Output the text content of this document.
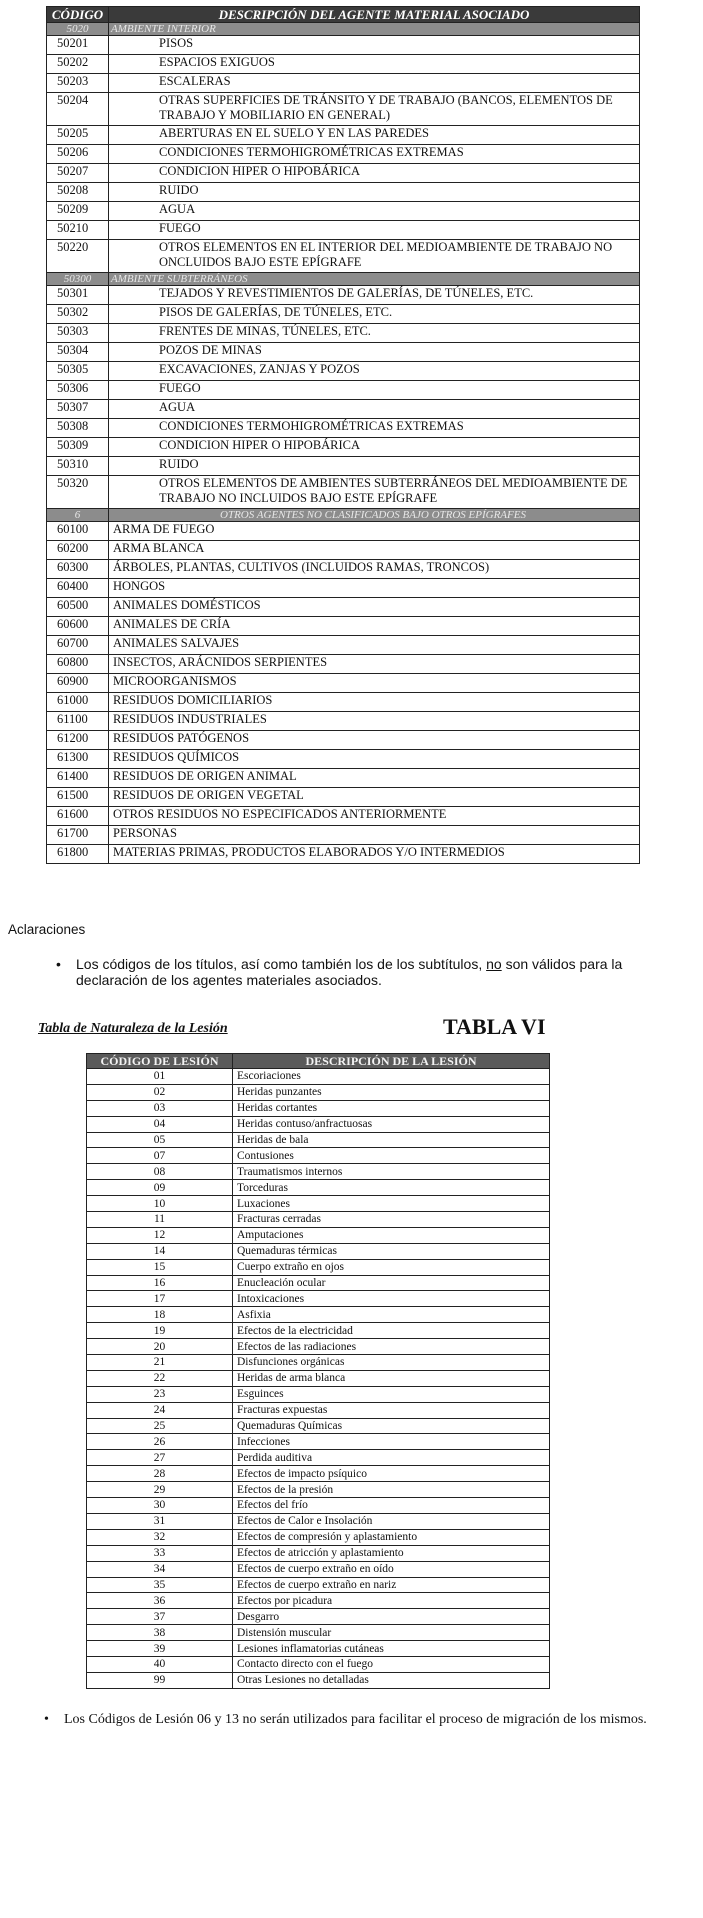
CÓDIGO	DESCRIPCIÓN DEL AGENTE MATERIAL ASOCIADO
5020	AMBIENTE INTERIOR
50201	PISOS
50202	ESPACIOS EXIGUOS
50203	ESCALERAS
50204	OTRAS SUPERFICIES DE TRÁNSITO Y DE TRABAJO (BANCOS, ELEMENTOS DE TRABAJO Y MOBILIARIO EN GENERAL)
50205	ABERTURAS EN EL SUELO Y EN LAS PAREDES
50206	CONDICIONES TERMOHIGROMÉTRICAS EXTREMAS
50207	CONDICION HIPER O HIPOBÁRICA
50208	RUIDO
50209	AGUA
50210	FUEGO
50220	OTROS ELEMENTOS EN EL INTERIOR DEL MEDIOAMBIENTE DE TRABAJO NO ONCLUIDOS BAJO ESTE EPÍGRAFE
50300	AMBIENTE SUBTERRÁNEOS
50301	TEJADOS Y REVESTIMIENTOS DE GALERÍAS, DE TÚNELES, ETC.
50302	PISOS DE GALERÍAS, DE TÚNELES, ETC.
50303	FRENTES DE MINAS, TÚNELES, ETC.
50304	POZOS DE MINAS
50305	EXCAVACIONES, ZANJAS Y POZOS
50306	FUEGO
50307	AGUA
50308	CONDICIONES TERMOHIGROMÉTRICAS EXTREMAS
50309	CONDICION HIPER O HIPOBÁRICA
50310	RUIDO
50320	OTROS ELEMENTOS DE AMBIENTES SUBTERRÁNEOS DEL MEDIOAMBIENTE DE TRABAJO NO INCLUIDOS BAJO ESTE EPÍGRAFE
6	OTROS AGENTES NO CLASIFICADOS BAJO OTROS EPÍGRAFES
60100	ARMA DE FUEGO
60200	ARMA BLANCA
60300	ÁRBOLES, PLANTAS, CULTIVOS (INCLUIDOS RAMAS, TRONCOS)
60400	HONGOS
60500	ANIMALES DOMÉSTICOS
60600	ANIMALES DE CRÍA
60700	ANIMALES SALVAJES
60800	INSECTOS, ARÁCNIDOS SERPIENTES
60900	MICROORGANISMOS
61000	RESIDUOS DOMICILIARIOS
61100	RESIDUOS INDUSTRIALES
61200	RESIDUOS PATÓGENOS
61300	RESIDUOS QUÍMICOS
61400	RESIDUOS DE ORIGEN ANIMAL
61500	RESIDUOS DE ORIGEN VEGETAL
61600	OTROS RESIDUOS NO ESPECIFICADOS ANTERIORMENTE
61700	PERSONAS
61800	MATERIAS PRIMAS, PRODUCTOS ELABORADOS Y/O INTERMEDIOS
Aclaraciones
• Los códigos de los títulos, así como también los de los subtítulos, no son válidos para la declaración de los agentes materiales asociados.
Tabla de Naturaleza de la Lesión	TABLA VI
CÓDIGO DE LESIÓN	DESCRIPCIÓN DE LA LESIÓN
01	Escoriaciones
02	Heridas punzantes
03	Heridas cortantes
04	Heridas contuso/anfractuosas
05	Heridas de bala
07	Contusiones
08	Traumatismos internos
09	Torceduras
10	Luxaciones
11	Fracturas cerradas
12	Amputaciones
14	Quemaduras térmicas
15	Cuerpo extraño en ojos
16	Enucleación ocular
17	Intoxicaciones
18	Asfixia
19	Efectos de la electricidad
20	Efectos de las radiaciones
21	Disfunciones orgánicas
22	Heridas de arma blanca
23	Esguinces
24	Fracturas expuestas
25	Quemaduras Químicas
26	Infecciones
27	Perdida auditiva
28	Efectos de impacto psíquico
29	Efectos de la presión
30	Efectos del frío
31	Efectos de Calor e Insolación
32	Efectos de compresión y aplastamiento
33	Efectos de atricción y aplastamiento
34	Efectos de cuerpo extraño en oído
35	Efectos de cuerpo extraño en nariz
36	Efectos por picadura
37	Desgarro
38	Distensión muscular
39	Lesiones inflamatorias cutáneas
40	Contacto directo con el fuego
99	Otras Lesiones no detalladas
• Los Códigos de Lesión 06 y 13 no serán utilizados para facilitar el proceso de migración de los mismos.
